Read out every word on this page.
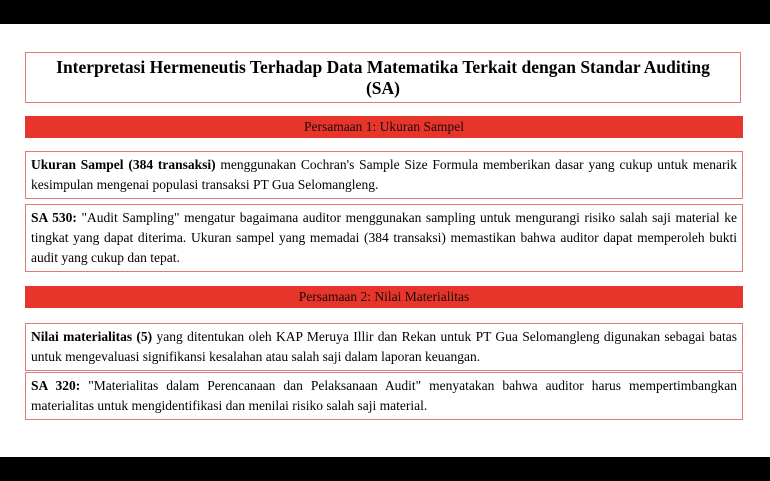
Interpretasi Hermeneutis Terhadap Data Matematika Terkait dengan Standar Auditing (SA)
Persamaan 1: Ukuran Sampel
Ukuran Sampel (384 transaksi) menggunakan Cochran's Sample Size Formula memberikan dasar yang cukup untuk menarik kesimpulan mengenai populasi transaksi PT Gua Selomangleng.
SA 530: "Audit Sampling" mengatur bagaimana auditor menggunakan sampling untuk mengurangi risiko salah saji material ke tingkat yang dapat diterima. Ukuran sampel yang memadai (384 transaksi) memastikan bahwa auditor dapat memperoleh bukti audit yang cukup dan tepat.
Persamaan 2: Nilai Materialitas
Nilai materialitas (5) yang ditentukan oleh KAP Meruya Illir dan Rekan untuk PT Gua Selomangleng digunakan sebagai batas untuk mengevaluasi signifikansi kesalahan atau salah saji dalam laporan keuangan.
SA 320: "Materialitas dalam Perencanaan dan Pelaksanaan Audit" menyatakan bahwa auditor harus mempertimbangkan materialitas untuk mengidentifikasi dan menilai risiko salah saji material.
